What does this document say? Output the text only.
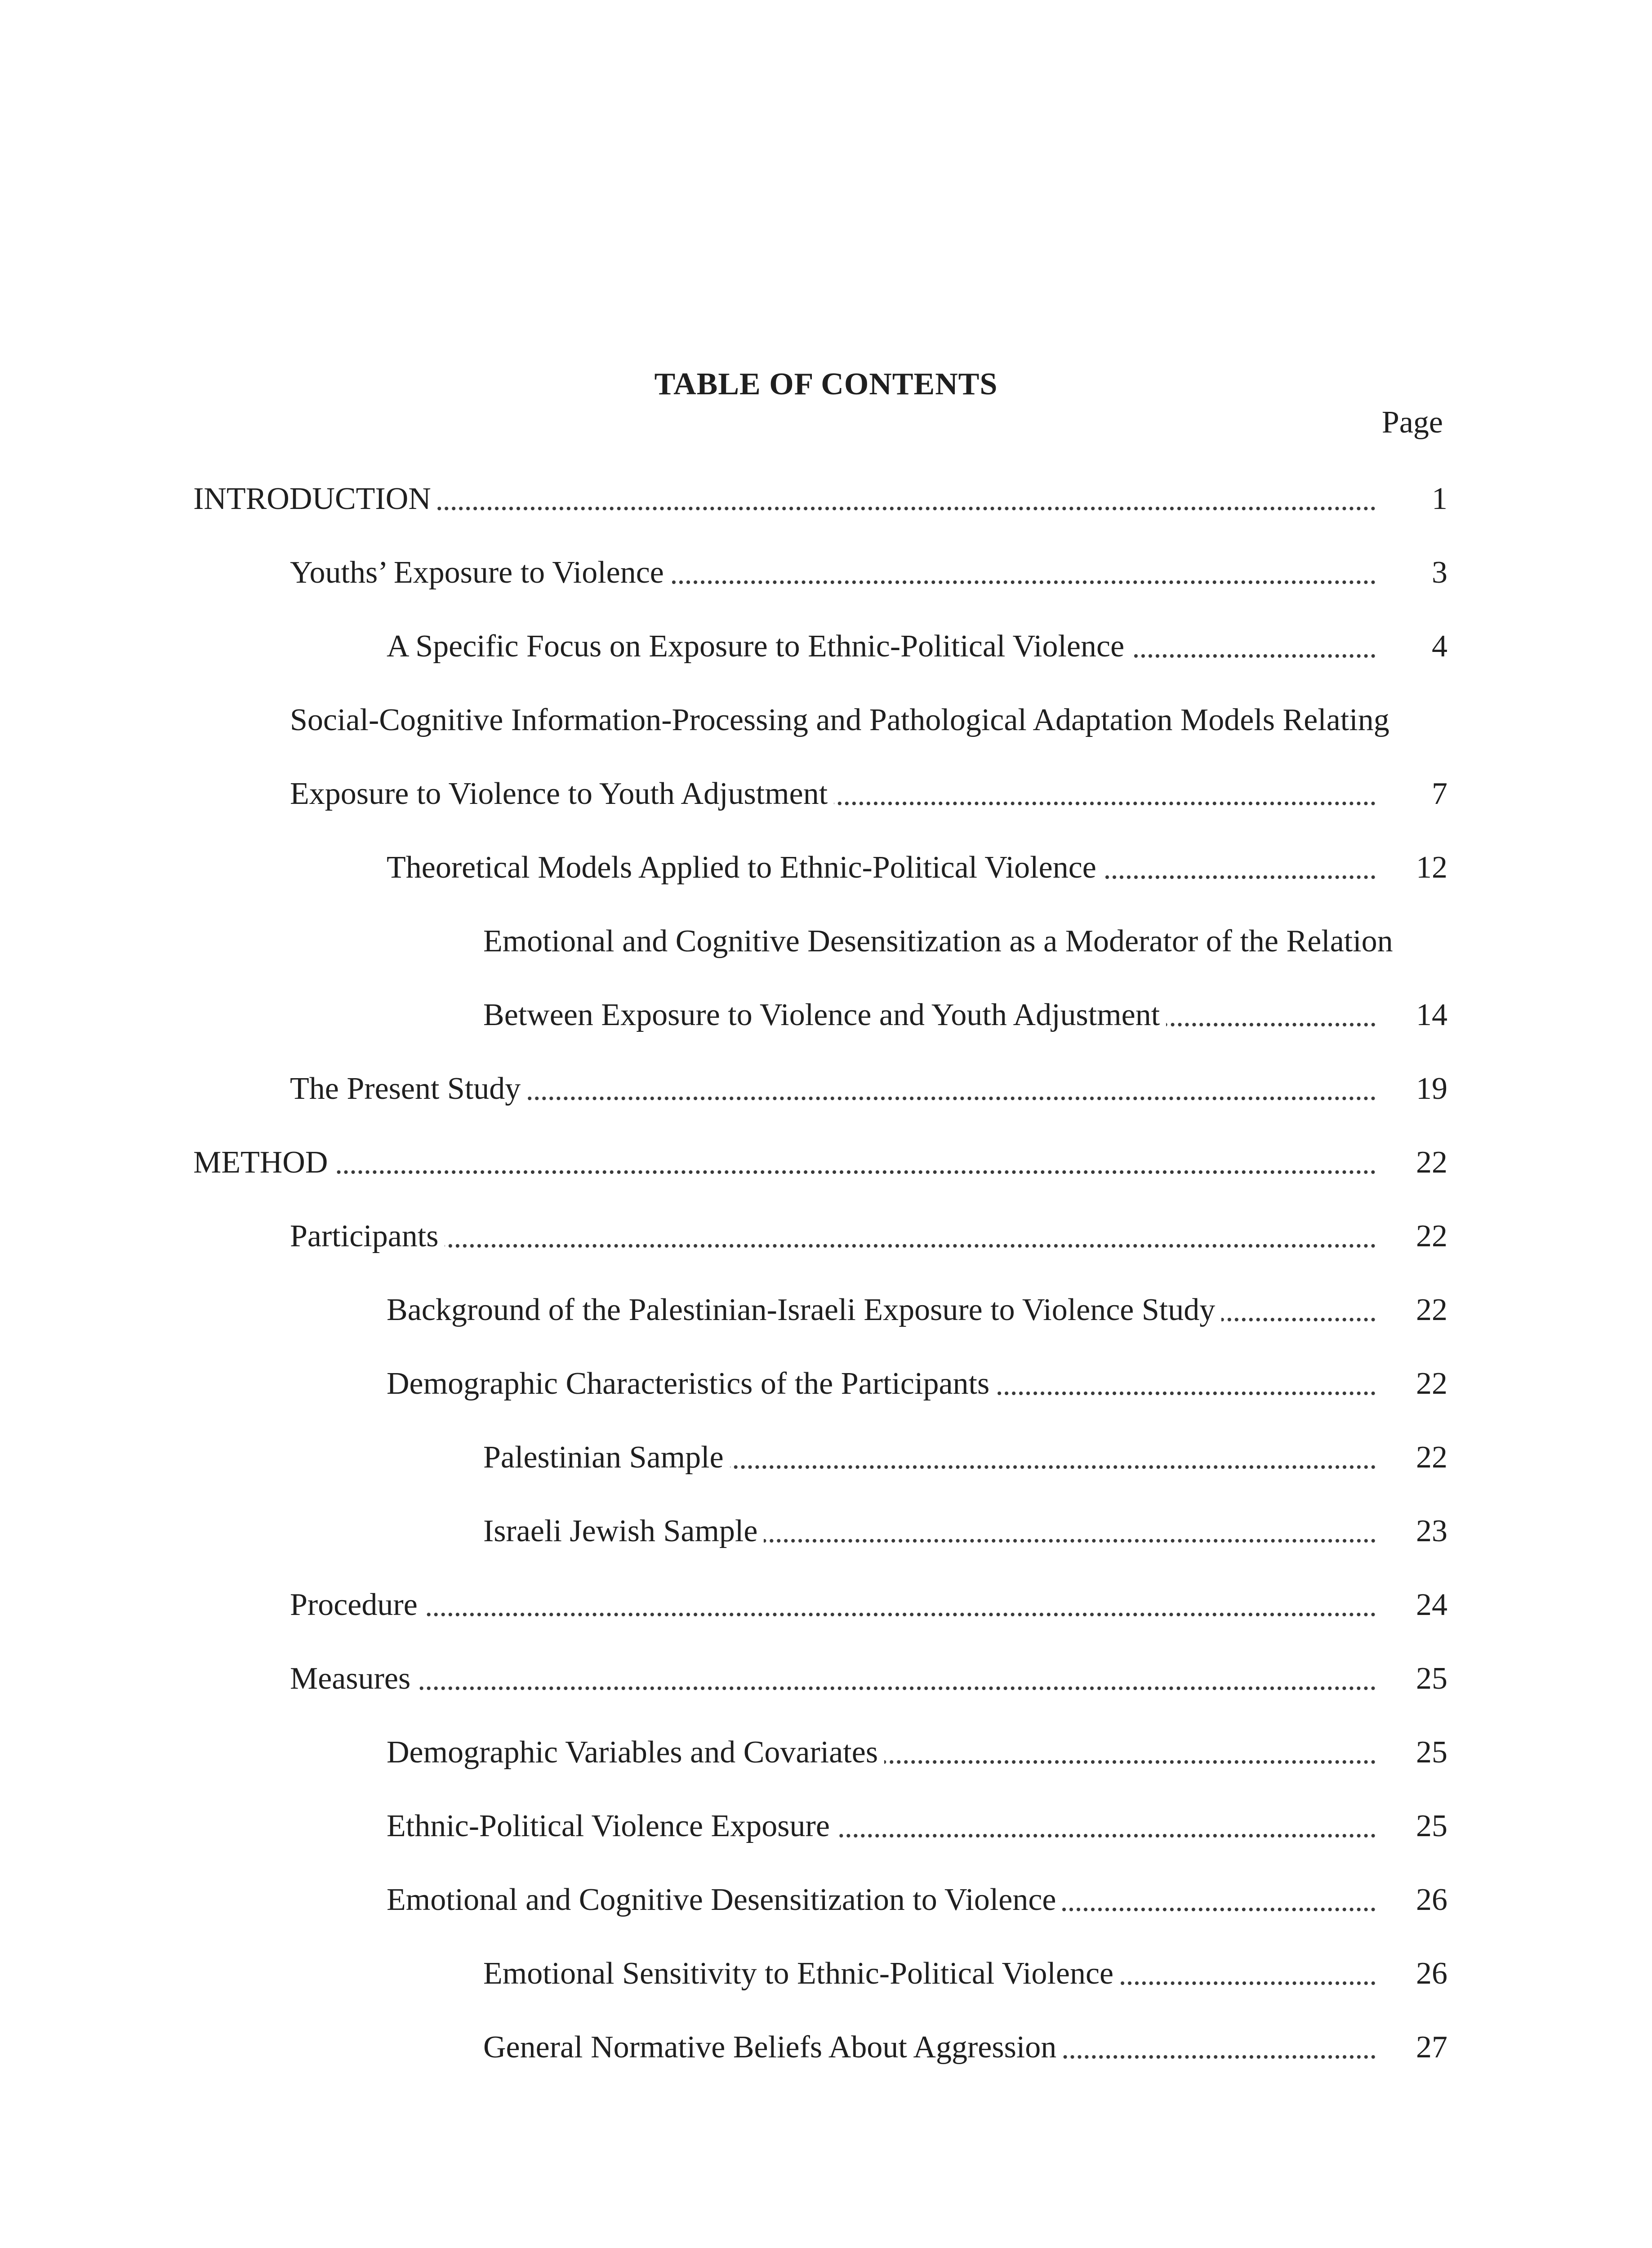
TABLE OF CONTENTS
Page
INTRODUCTION	1
Youths’ Exposure to Violence	3
A Specific Focus on Exposure to Ethnic-Political Violence	4
Social-Cognitive Information-Processing and Pathological Adaptation Models Relating
Exposure to Violence to Youth Adjustment	7
Theoretical Models Applied to Ethnic-Political Violence	12
Emotional and Cognitive Desensitization as a Moderator of the Relation
Between Exposure to Violence and Youth Adjustment	14
The Present Study	19
METHOD	22
Participants	22
Background of the Palestinian-Israeli Exposure to Violence Study	22
Demographic Characteristics of the Participants	22
Palestinian Sample	22
Israeli Jewish Sample	23
Procedure	24
Measures	25
Demographic Variables and Covariates	25
Ethnic-Political Violence Exposure	25
Emotional and Cognitive Desensitization to Violence	26
Emotional Sensitivity to Ethnic-Political Violence	26
General Normative Beliefs About Aggression	27
